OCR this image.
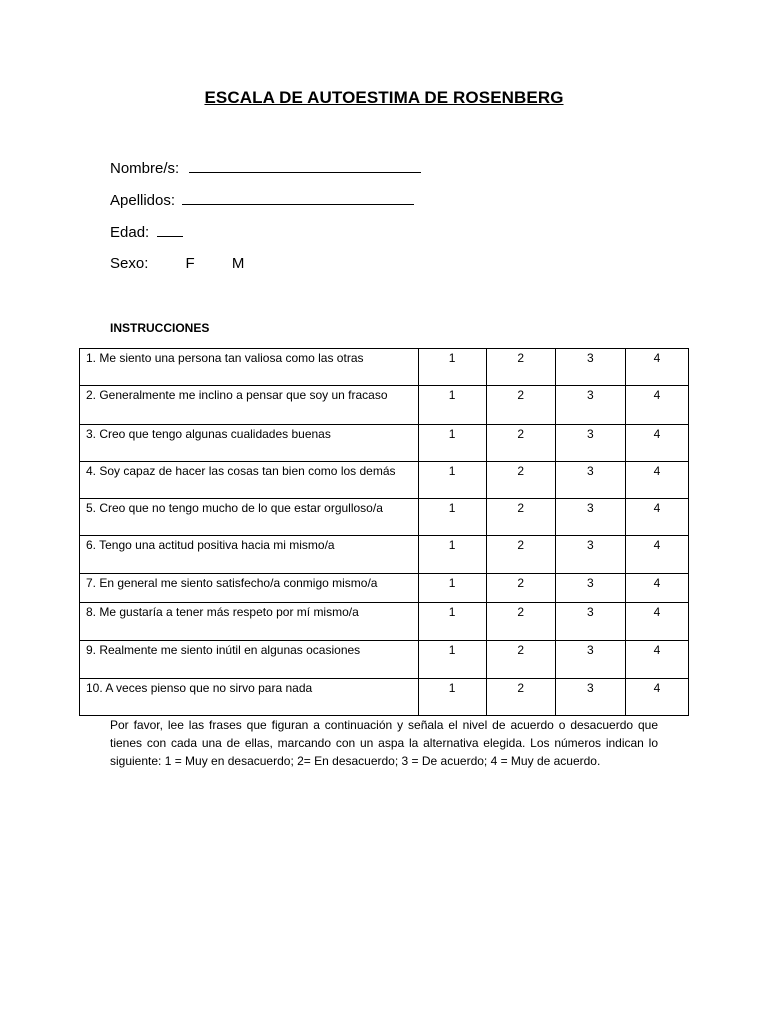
ESCALA DE AUTOESTIMA DE ROSENBERG
Nombre/s:
Apellidos:
Edad:
Sexo: F M
INSTRUCCIONES
1. Me siento una persona tan valiosa como las otras	1	2	3	4
2. Generalmente me inclino a pensar que soy un fracaso	1	2	3	4
3. Creo que tengo algunas cualidades buenas	1	2	3	4
4. Soy capaz de hacer las cosas tan bien como los demás	1	2	3	4
5. Creo que no tengo mucho de lo que estar orgulloso/a	1	2	3	4
6. Tengo una actitud positiva hacia mi mismo/a	1	2	3	4
7. En general me siento satisfecho/a conmigo mismo/a	1	2	3	4
8. Me gustaría a tener más respeto por mí mismo/a	1	2	3	4
9. Realmente me siento inútil en algunas ocasiones	1	2	3	4
10. A veces pienso que no sirvo para nada	1	2	3	4
Por favor, lee las frases que figuran a continuación y señala el nivel de acuerdo o desacuerdo que tienes con cada una de ellas, marcando con un aspa la alternativa elegida. Los números indican lo siguiente: 1 = Muy en desacuerdo; 2= En desacuerdo; 3 = De acuerdo; 4 = Muy de acuerdo.
